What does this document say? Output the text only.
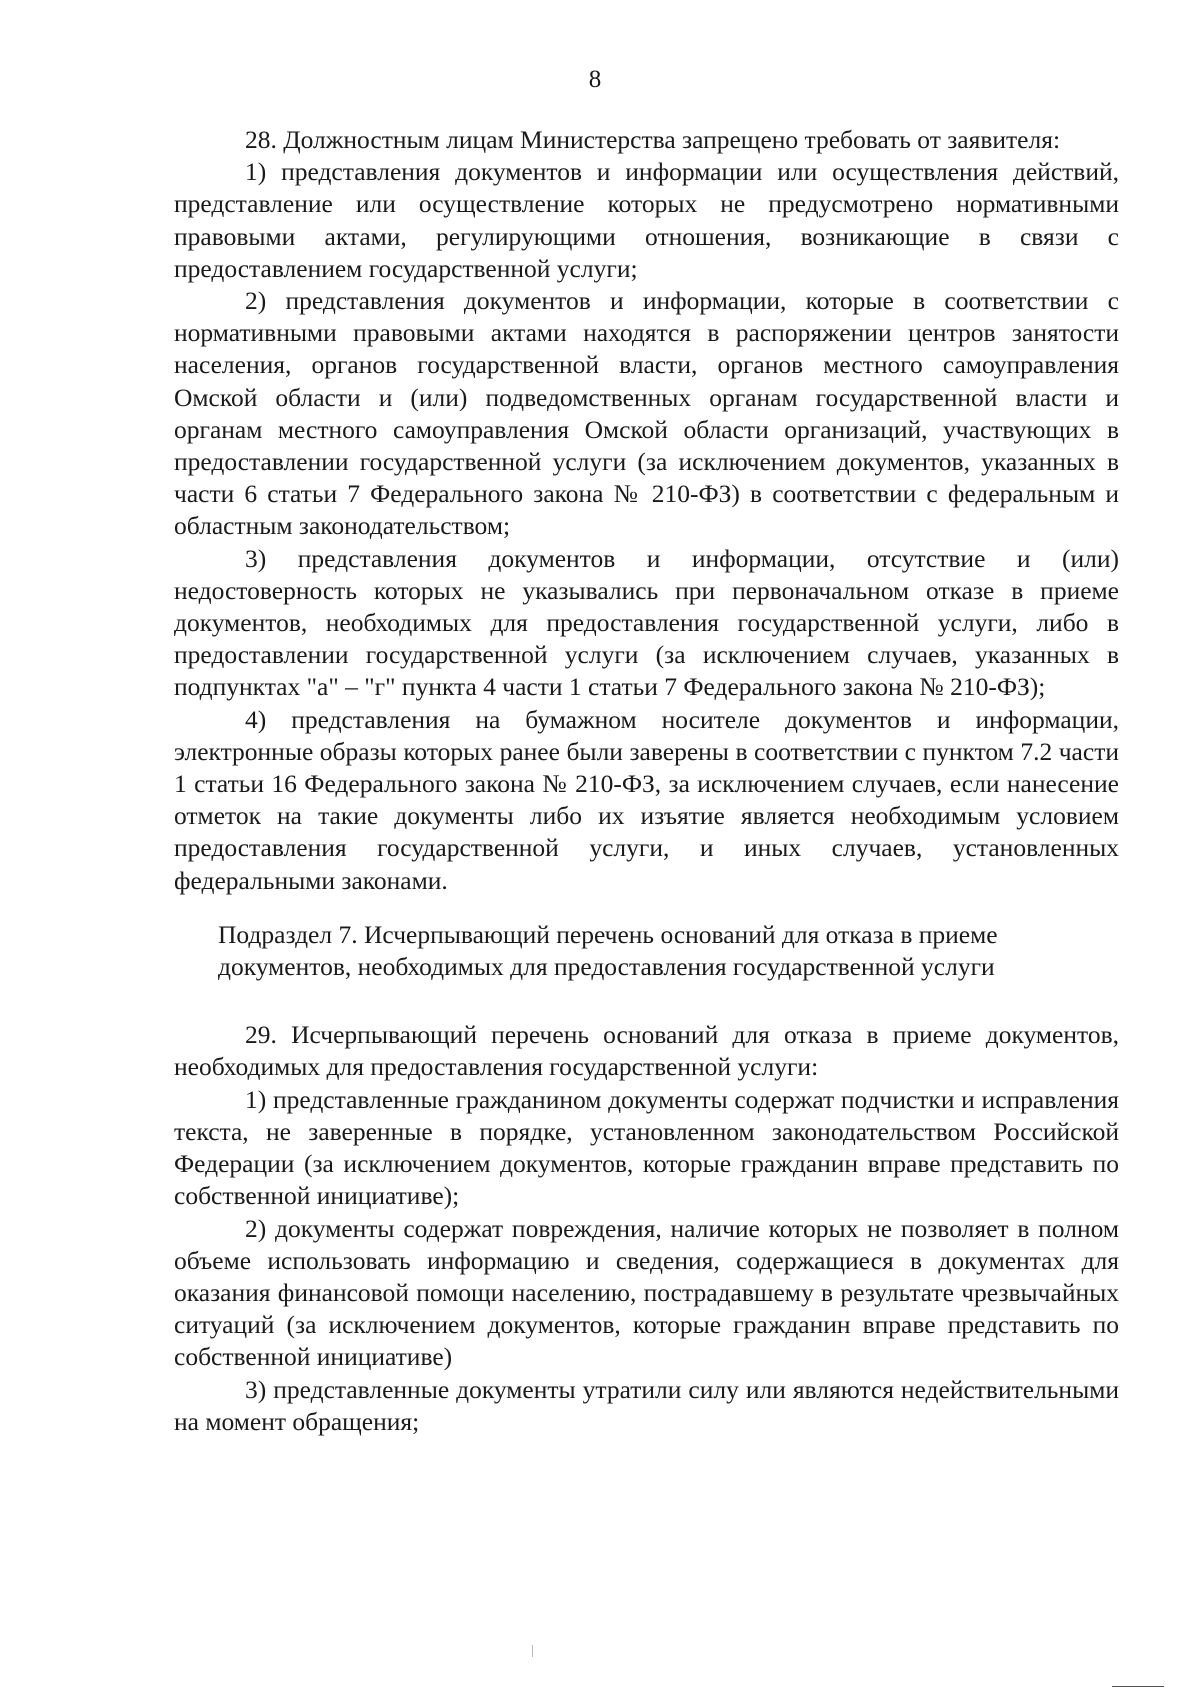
8

28. Должностным лицам Министерства запрещено требовать от заявителя:

1) представления документов и информации или осуществления действий, представление или осуществление которых не предусмотрено нормативными правовыми актами, регулирующими отношения, возникающие в связи с предоставлением государственной услуги;

2) представления документов и информации, которые в соответствии с нормативными правовыми актами находятся в распоряжении центров занятости населения, органов государственной власти, органов местного самоуправления Омской области и (или) подведомственных органам государственной власти и органам местного самоуправления Омской области организаций, участвующих в предоставлении государственной услуги (за исключением документов, указанных в части 6 статьи 7 Федерального закона № 210-ФЗ) в соответствии с федеральным и областным законодательством;

3) представления документов и информации, отсутствие и (или) недостоверность которых не указывались при первоначальном отказе в приеме документов, необходимых для предоставления государственной услуги, либо в предоставлении государственной услуги (за исключением случаев, указанных в подпунктах "а" – "г" пункта 4 части 1 статьи 7 Федерального закона № 210-ФЗ);

4) представления на бумажном носителе документов и информации, электронные образы которых ранее были заверены в соответствии с пунктом 7.2 части 1 статьи 16 Федерального закона № 210-ФЗ, за исключением случаев, если нанесение отметок на такие документы либо их изъятие является необходимым условием предоставления государственной услуги, и иных случаев, установленных федеральными законами.

Подраздел 7. Исчерпывающий перечень оснований для отказа в приеме
документов, необходимых для предоставления государственной услуги

29. Исчерпывающий перечень оснований для отказа в приеме документов, необходимых для предоставления государственной услуги:

1) представленные гражданином документы содержат подчистки и исправления текста, не заверенные в порядке, установленном законодательством Российской Федерации (за исключением документов, которые гражданин вправе представить по собственной инициативе);

2) документы содержат повреждения, наличие которых не позволяет в полном объеме использовать информацию и сведения, содержащиеся в документах для оказания финансовой помощи населению, пострадавшему в результате чрезвычайных ситуаций (за исключением документов, которые гражданин вправе представить по собственной инициативе)

3) представленные документы утратили силу или являются недействительными на момент обращения;
